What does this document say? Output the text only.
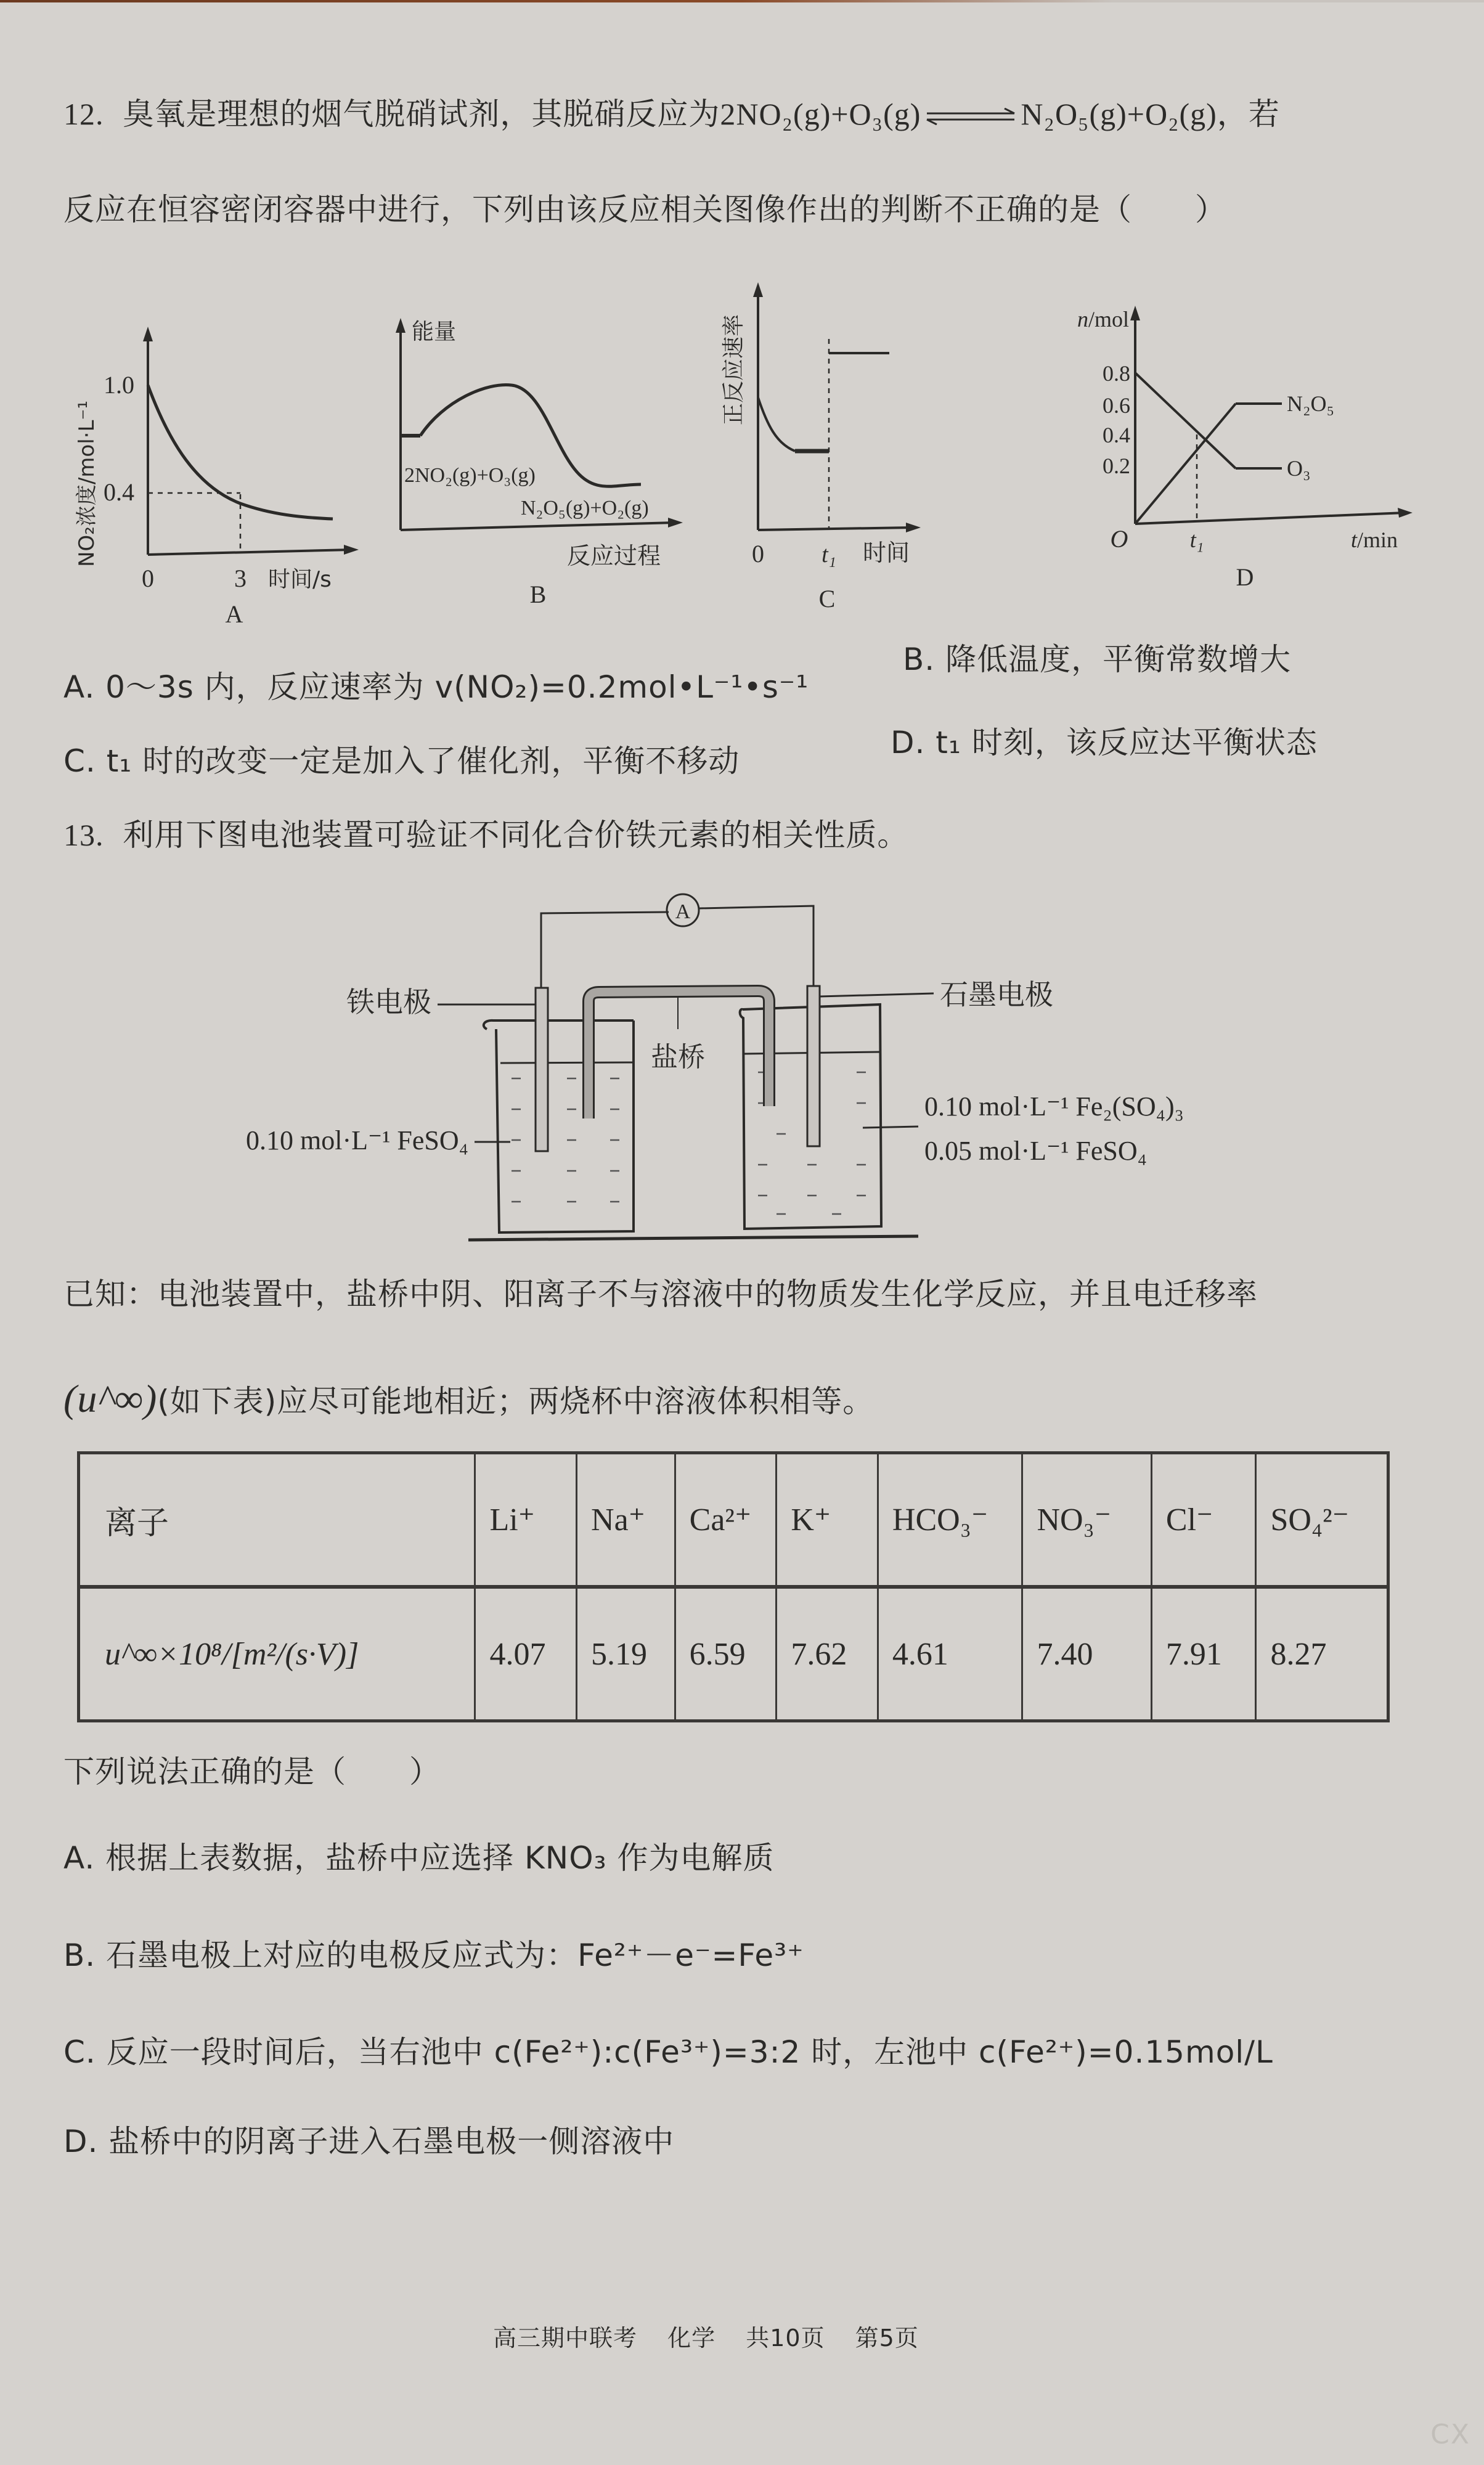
12. 臭氧是理想的烟气脱硝试剂，其脱硝反应为2NO₂(g)+O₃(g) ⇌ N₂O₅(g)+O₂(g)，若
反应在恒容密闭容器中进行，下列由该反应相关图像作出的判断不正确的是（　　）
1.0
0.4
0	3 时间/s
NO₂浓度/mol·L⁻¹
A
能量
2NO₂(g)+O₃(g)
N₂O₅(g)+O₂(g)
反应过程
B
正反应速率
0 t₁ 时间
C
n/mol
0.8
0.6
0.4
0.2
O	t₁	t/min
N₂O₅
O₃
D
A. 0～3s 内，反应速率为 v(NO₂)=0.2mol•L⁻¹•s⁻¹
B. 降低温度，平衡常数增大
C. t₁ 时的改变一定是加入了催化剂，平衡不移动
D. t₁ 时刻，该反应达平衡状态
13. 利用下图电池装置可验证不同化合价铁元素的相关性质。
A
盐桥
铁电极	石墨电极
0.10 mol·L⁻¹ FeSO₄
0.10 mol·L⁻¹ Fe₂(SO₄)₃
0.05 mol·L⁻¹ FeSO₄
已知：电池装置中，盐桥中阴、阳离子不与溶液中的物质发生化学反应，并且电迁移率
(u^∞)(如下表)应尽可能地相近；两烧杯中溶液体积相等。
离子	Li⁺	Na⁺	Ca²⁺	K⁺	HCO₃⁻	NO₃⁻	Cl⁻	SO₄²⁻
u^∞×10⁸/[m²/(s·V)]	4.07	5.19	6.59	7.62	4.61	7.40	7.91	8.27
下列说法正确的是（　　）
A. 根据上表数据，盐桥中应选择 KNO₃ 作为电解质
B. 石墨电极上对应的电极反应式为：Fe²⁺－e⁻=Fe³⁺
C. 反应一段时间后，当右池中 c(Fe²⁺):c(Fe³⁺)=3:2 时，左池中 c(Fe²⁺)=0.15mol/L
D. 盐桥中的阴离子进入石墨电极一侧溶液中
高三期中联考 化学 共10页 第5页
CX
